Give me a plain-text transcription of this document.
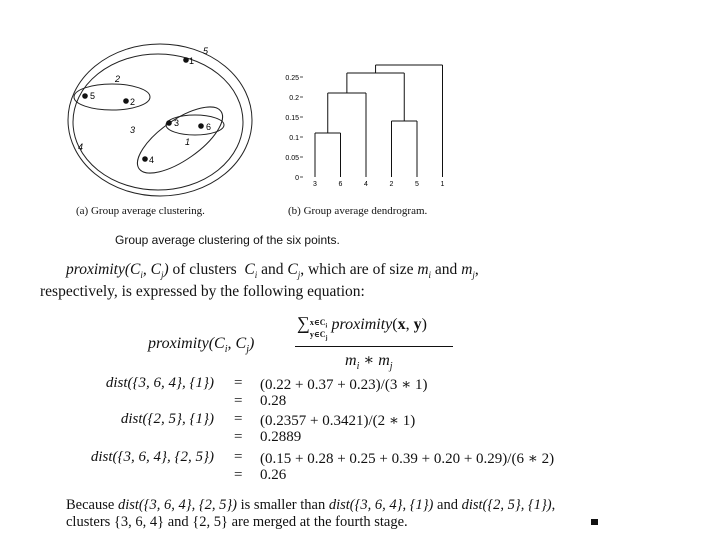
1
5
2
3	6
4
5
2
3
4	1
0.25
0.2
0.15
0.1
0.05
0
3	6	4	2	5	1
(a) Group average clustering.	(b) Group average dendrogram.
Group average clustering of the six points.
$proximity(C_i$, $C_j$) of clusters  $C_i$ and $C_j$, which are of size $m_i$ and $m_j$,
respectively, is expressed by the following equation:
$proximity(C_i$, $C_j$)
$\sum x\in C_i$
$y\in C_j$ proximity(x, y)
$m_i$ ∗ $m_j$
dist({3, 6, 4}, {1}) = (0.22 + 0.37 + 0.23)/(3 ∗ 1)
= 0.28
dist({2, 5}, {1}) = (0.2357 + 0.3421)/(2 ∗ 1)
= 0.2889
dist({3, 6, 4}, {2, 5}) = (0.15 + 0.28 + 0.25 + 0.39 + 0.20 + 0.29)/(6 ∗ 2)
= 0.26
Because dist({3, 6, 4}, {2, 5}) is smaller than dist({3, 6, 4}, {1}) and dist({2, 5}, {1}),
clusters {3, 6, 4} and {2, 5} are merged at the fourth stage.
